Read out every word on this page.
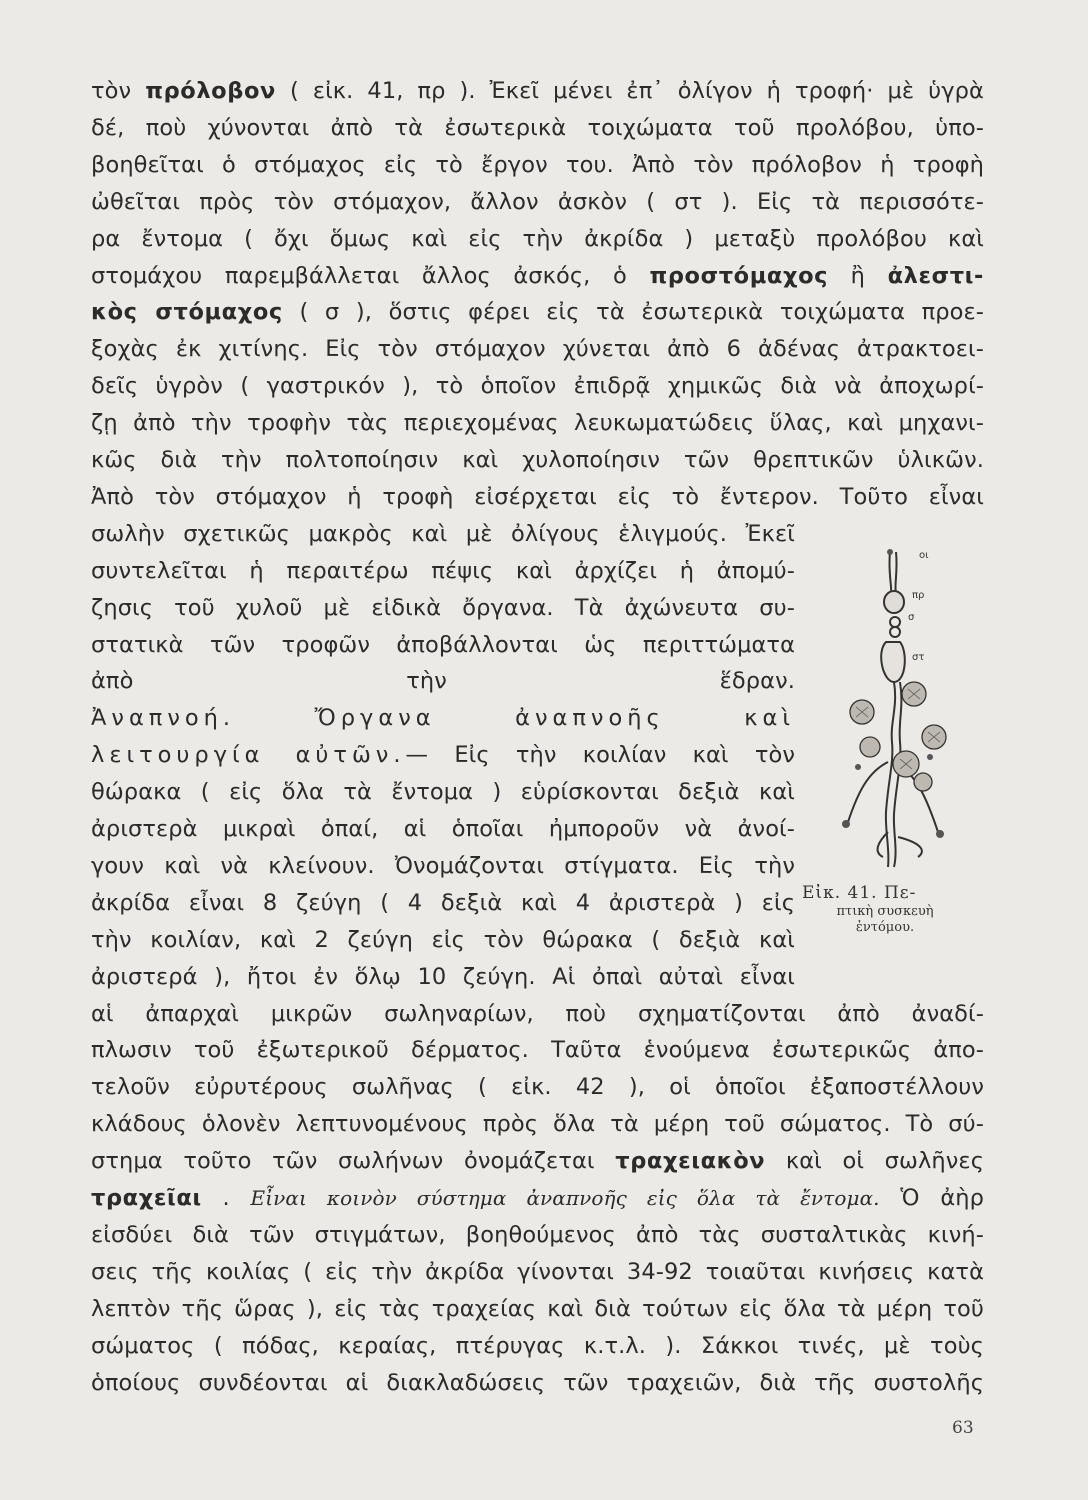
τὸν πρόλοβον ( εἰκ. 41, πρ ). Ἐκεῖ μένει ἐπ᾽ ὀλίγον ἡ τροφή· μὲ ὑγρὰ
δέ, ποὺ χύνονται ἀπὸ τὰ ἐσωτερικὰ τοιχώματα τοῦ προλόβου, ὑπο-
βοηθεῖται ὁ στόμαχος εἰς τὸ ἔργον του. Ἀπὸ τὸν πρόλοβον ἡ τροφὴ
ὠθεῖται πρὸς τὸν στόμαχον, ἄλλον ἀσκὸν ( στ ). Εἰς τὰ περισσότε-
ρα ἔντομα ( ὄχι ὅμως καὶ εἰς τὴν ἀκρίδα ) μεταξὺ προλόβου καὶ
στομάχου παρεμβάλλεται ἄλλος ἀσκός, ὁ προστόμαχος ἢ ἀλεστι-
κὸς στόμαχος ( σ ), ὅστις φέρει εἰς τὰ ἐσωτερικὰ τοιχώματα προε-
ξοχὰς ἐκ χιτίνης. Εἰς τὸν στόμαχον χύνεται ἀπὸ 6 ἀδένας ἀτρακτοει-
δεῖς ὑγρὸν ( γαστρικόν ), τὸ ὁποῖον ἐπιδρᾷ χημικῶς διὰ νὰ ἀποχωρί-
ζῃ ἀπὸ τὴν τροφὴν τὰς περιεχομένας λευκωματώδεις ὕλας, καὶ μηχανι-
κῶς διὰ τὴν πολτοποίησιν καὶ χυλοποίησιν τῶν θρεπτικῶν ὑλικῶν.
Ἀπὸ τὸν στόμαχον ἡ τροφὴ εἰσέρχεται εἰς τὸ ἔντερον. Τοῦτο εἶναι
σωλὴν σχετικῶς μακρὸς καὶ μὲ ὀλίγους ἑλιγμούς. Ἐκεῖ
συντελεῖται ἡ περαιτέρω πέψις καὶ ἀρχίζει ἡ ἀπομύ-
ζησις τοῦ χυλοῦ μὲ εἰδικὰ ὄργανα. Τὰ ἀχώνευτα συ-
στατικὰ τῶν τροφῶν ἀποβάλλονται ὡς περιττώματα
ἀπὸ τὴν ἕδραν.
Ἀναπνοή. Ὄργανα ἀναπνοῆς καὶ
λειτουργία αὐτῶν.— Εἰς τὴν κοιλίαν καὶ τὸν
θώρακα ( εἰς ὅλα τὰ ἔντομα ) εὑρίσκονται δεξιὰ καὶ
ἀριστερὰ μικραὶ ὀπαί, αἱ ὁποῖαι ἠμποροῦν νὰ ἀνοί-
γουν καὶ νὰ κλείνουν. Ὀνομάζονται στίγματα. Εἰς τὴν
ἀκρίδα εἶναι 8 ζεύγη ( 4 δεξιὰ καὶ 4 ἀριστερὰ ) εἰς
τὴν κοιλίαν, καὶ 2 ζεύγη εἰς τὸν θώρακα ( δεξιὰ καὶ
ἀριστερά ), ἤτοι ἐν ὅλῳ 10 ζεύγη. Αἱ ὀπαὶ αὐταὶ εἶναι
αἱ ἀπαρχαὶ μικρῶν σωληναρίων, ποὺ σχηματίζονται ἀπὸ ἀναδί-
πλωσιν τοῦ ἐξωτερικοῦ δέρματος. Ταῦτα ἑνούμενα ἐσωτερικῶς ἀπο-
τελοῦν εὐρυτέρους σωλῆνας ( εἰκ. 42 ), οἱ ὁποῖοι ἐξαποστέλλουν
κλάδους ὁλονὲν λεπτυνομένους πρὸς ὅλα τὰ μέρη τοῦ σώματος. Τὸ σύ-
στημα τοῦτο τῶν σωλήνων ὀνομάζεται τραχειακὸν καὶ οἱ σωλῆνες
τραχεῖαι . Εἶναι κοινὸν σύστημα ἀναπνοῆς εἰς ὅλα τὰ ἔντομα. Ὁ ἀὴρ
εἰσδύει διὰ τῶν στιγμάτων, βοηθούμενος ἀπὸ τὰς συσταλτικὰς κινή-
σεις τῆς κοιλίας ( εἰς τὴν ἀκρίδα γίνονται 34-92 τοιαῦται κινήσεις κατὰ
λεπτὸν τῆς ὥρας ), εἰς τὰς τραχείας καὶ διὰ τούτων εἰς ὅλα τὰ μέρη τοῦ
σώματος ( πόδας, κεραίας, πτέρυγας κ.τ.λ. ). Σάκκοι τινές, μὲ τοὺς
ὁποίους συνδέονται αἱ διακλαδώσεις τῶν τραχειῶν, διὰ τῆς συστολῆς
οι
πρ
σ
στ
Εἰκ. 41. Πε-
πτικὴ συσκευὴ
ἐντόμου.
63
